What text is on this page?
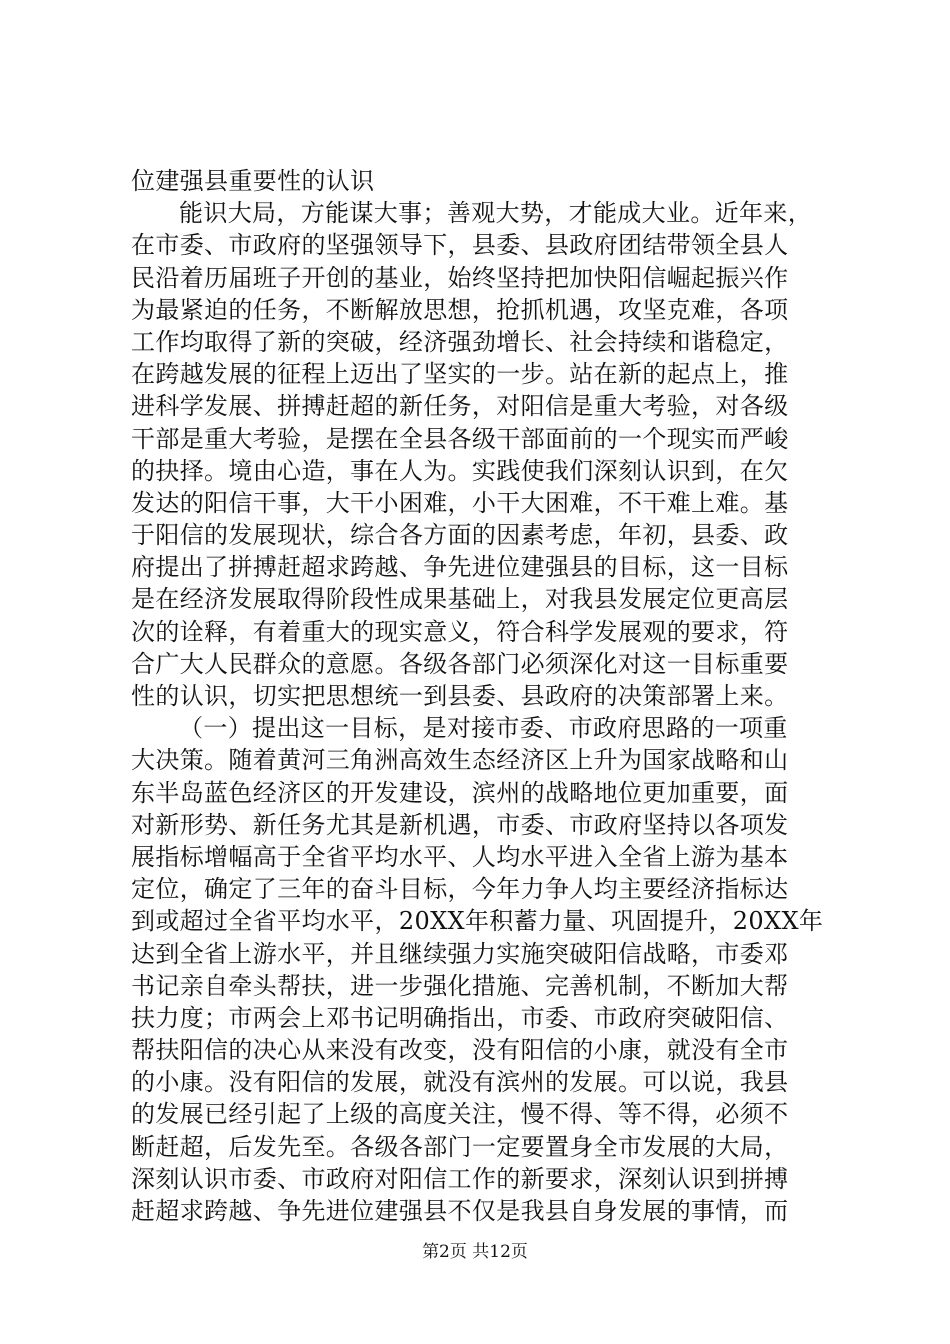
位建强县重要性的认识
能识大局，方能谋大事；善观大势，才能成大业。近年来，
在市委、市政府的坚强领导下，县委、县政府团结带领全县人
民沿着历届班子开创的基业，始终坚持把加快阳信崛起振兴作
为最紧迫的任务，不断解放思想，抢抓机遇，攻坚克难，各项
工作均取得了新的突破，经济强劲增长、社会持续和谐稳定，
在跨越发展的征程上迈出了坚实的一步。站在新的起点上，推
进科学发展、拼搏赶超的新任务，对阳信是重大考验，对各级
干部是重大考验，是摆在全县各级干部面前的一个现实而严峻
的抉择。境由心造，事在人为。实践使我们深刻认识到，在欠
发达的阳信干事，大干小困难，小干大困难，不干难上难。基
于阳信的发展现状，综合各方面的因素考虑，年初，县委、政
府提出了拼搏赶超求跨越、争先进位建强县的目标，这一目标
是在经济发展取得阶段性成果基础上，对我县发展定位更高层
次的诠释，有着重大的现实意义，符合科学发展观的要求，符
合广大人民群众的意愿。各级各部门必须深化对这一目标重要
性的认识，切实把思想统一到县委、县政府的决策部署上来。
（一）提出这一目标，是对接市委、市政府思路的一项重
大决策。随着黄河三角洲高效生态经济区上升为国家战略和山
东半岛蓝色经济区的开发建设，滨州的战略地位更加重要，面
对新形势、新任务尤其是新机遇，市委、市政府坚持以各项发
展指标增幅高于全省平均水平、人均水平进入全省上游为基本
定位，确定了三年的奋斗目标，今年力争人均主要经济指标达
到或超过全省平均水平，20XX年积蓄力量、巩固提升，20XX年
达到全省上游水平，并且继续强力实施突破阳信战略，市委邓
书记亲自牵头帮扶，进一步强化措施、完善机制，不断加大帮
扶力度；市两会上邓书记明确指出，市委、市政府突破阳信、
帮扶阳信的决心从来没有改变，没有阳信的小康，就没有全市
的小康。没有阳信的发展，就没有滨州的发展。可以说，我县
的发展已经引起了上级的高度关注，慢不得、等不得，必须不
断赶超，后发先至。各级各部门一定要置身全市发展的大局，
深刻认识市委、市政府对阳信工作的新要求，深刻认识到拼搏
赶超求跨越、争先进位建强县不仅是我县自身发展的事情，而
第2页 共12页
